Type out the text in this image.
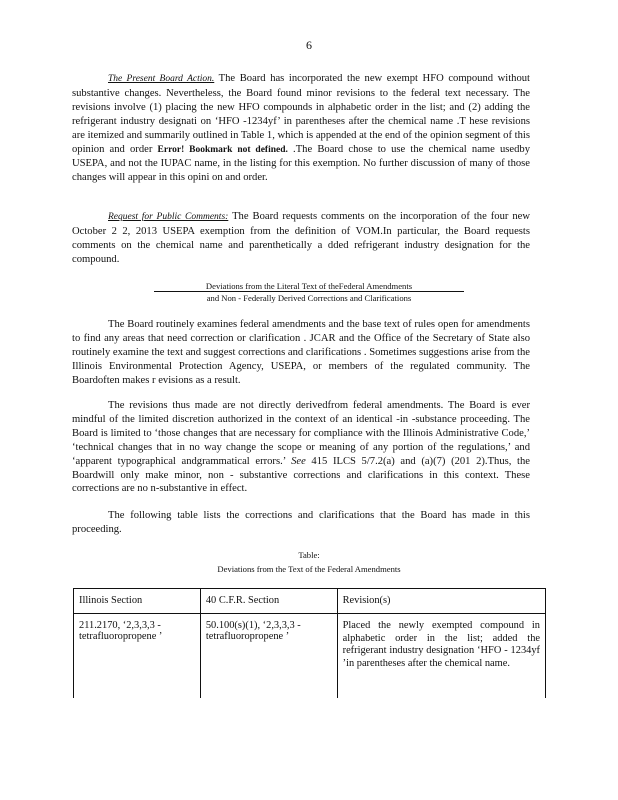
6

The Present Board Action. The Board has incorporated the new exempt HFO compound without substantive changes. Nevertheless, the Board found minor revisions to the federal text necessary. The revisions involve (1) placing the new HFO compounds in alphabetic order in the list; and (2) adding the refrigerant industry designati on ‘HFO -1234yf’ in parentheses after the chemical name .T hese revisions are itemized and summarily outlined in Table 1, which is appended at the end of the opinion segment of this opinion and order Error! Bookmark not defined. .The Board chose to use the chemical name usedby USEPA, and not the IUPAC name, in the listing for this exemption. No further discussion of many of those changes will appear in this opini on and order.

Request for Public Comments: The Board requests comments on the incorporation of the four new October 2 2, 2013 USEPA exemption from the definition of VOM.In particular, the Board requests comments on the chemical name and parenthetically a dded refrigerant industry designation for the compound.

Deviations from the Literal Text of theFederal Amendments
and Non - Federally Derived Corrections and Clarifications

The Board routinely examines federal amendments and the base text of rules open for amendments to find any areas that need correction or clarification . JCAR and the Office of the Secretary of State also routinely examine the text and suggest corrections and clarifications . Sometimes suggestions arise from the Illinois Environmental Protection Agency, USEPA, or members of the regulated community. The Boardoften makes r evisions as a result.

The revisions thus made are not directly derivedfrom federal amendments. The Board is ever mindful of the limited discretion authorized in the context of an identical -in -substance proceeding. The Board is limited to ‘those changes that are necessary for compliance with the Illinois Administrative Code,’ ‘technical changes that in no way change the scope or meaning of any portion of the regulations,’ and ‘apparent typographical andgrammatical errors.’ See 415 ILCS 5/7.2(a) and (a)(7) (201 2).Thus, the Boardwill only make minor, non - substantive corrections and clarifications in this context. These corrections are no n-substantive in effect.

The following table lists the corrections and clarifications that the Board has made in this proceeding.

Table:
Deviations from the Text of the Federal Amendments
Illinois Section	40 C.F.R. Section	Revision(s)
211.2170, ‘2,3,3,3 - tetrafluoropropene ’	50.100(s)(1), ‘2,3,3,3 - tetrafluoropropene ’	Placed the newly exempted compound in alphabetic order in the list; added the refrigerant industry designation ‘HFO - 1234yf ’in parentheses after the chemical name.
